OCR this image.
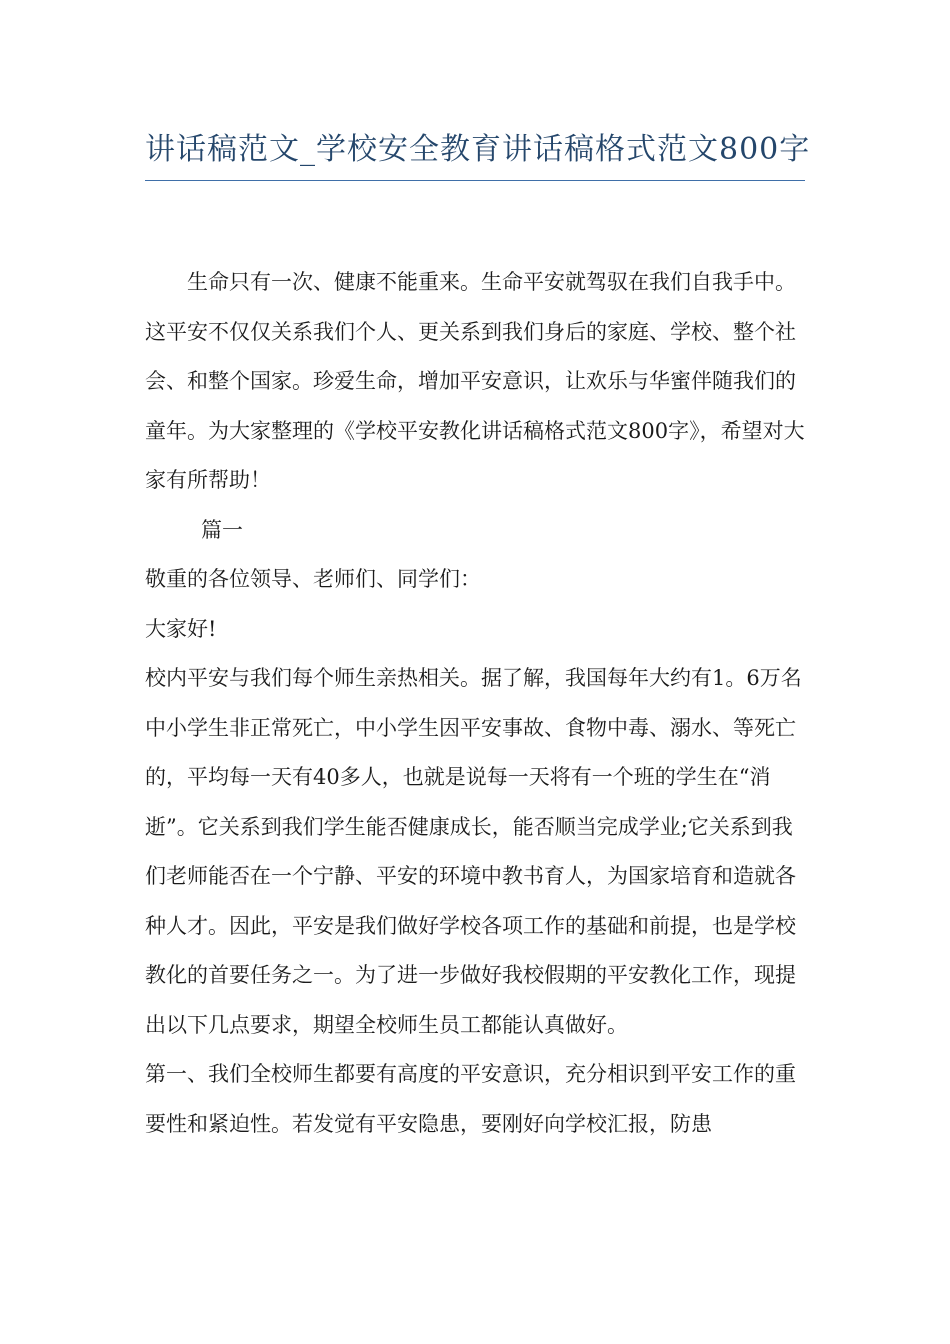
讲话稿范文_学校安全教育讲话稿格式范文800字

生命只有一次、健康不能重来。生命平安就驾驭在我们自我手中。这平安不仅仅关系我们个人、更关系到我们身后的家庭、学校、整个社会、和整个国家。珍爱生命，增加平安意识，让欢乐与华蜜伴随我们的童年。为大家整理的《学校平安教化讲话稿格式范文800字》，希望对大家有所帮助！

篇一

敬重的各位领导、老师们、同学们：

大家好!

校内平安与我们每个师生亲热相关。据了解，我国每年大约有1。6万名中小学生非正常死亡，中小学生因平安事故、食物中毒、溺水、等死亡的，平均每一天有40多人，也就是说每一天将有一个班的学生在“消逝”。它关系到我们学生能否健康成长，能否顺当完成学业;它关系到我们老师能否在一个宁静、平安的环境中教书育人，为国家培育和造就各种人才。因此，平安是我们做好学校各项工作的基础和前提，也是学校教化的首要任务之一。为了进一步做好我校假期的平安教化工作，现提出以下几点要求，期望全校师生员工都能认真做好。

第一、我们全校师生都要有高度的平安意识，充分相识到平安工作的重要性和紧迫性。若发觉有平安隐患，要刚好向学校汇报，防患
